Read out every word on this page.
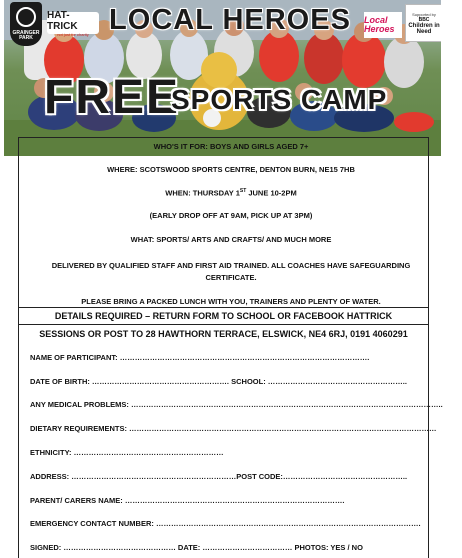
GRAINGER PARK
HAT-TRICK
not just for charity LOCAL HEROES	Local Heroes
Supported by
BBC
Children in Need
FREE
SPORTS CAMP
WHO'S IT FOR: BOYS AND GIRLS AGED 7+
WHERE: SCOTSWOOD SPORTS CENTRE, DENTON BURN, NE15 7HB
WHEN: THURSDAY 1ST JUNE 10-2PM
(EARLY DROP OFF AT 9AM, PICK UP AT 3PM)
WHAT: SPORTS/ ARTS AND CRAFTS/ AND MUCH MORE
DELIVERED BY QUALIFIED STAFF AND FIRST AID TRAINED. ALL COACHES HAVE SAFEGUARDING
CERTIFICATE.
PLEASE BRING A PACKED LUNCH WITH YOU, TRAINERS AND PLENTY OF WATER.
DETAILS REQUIRED – RETURN FORM TO SCHOOL OR FACEBOOK HATTRICK
SESSIONS OR POST TO 28 HAWTHORN TERRACE, ELSWICK, NE4 6RJ, 0191 4060291
NAME OF PARTICIPANT: ……………………………………………………………………………………….
DATE OF BIRTH: ………………………………………………. SCHOOL: ………………………………………………..
ANY MEDICAL PROBLEMS: ……………………………………………………………………………………………………………..
DIETARY REQUIREMENTS: ……………………………………………………………………………………………………………
ETHNICITY: ……………………………………………………
ADDRESS: …………………………………………………………POST CODE:…………………………………………..
PARENT/ CARERS NAME: …………………………………………………………………………….
EMERGENCY CONTACT NUMBER: …………………………………………………………………………………………….
SIGNED: ……………………………………… DATE: ……………………………… PHOTOS: YES / NO
